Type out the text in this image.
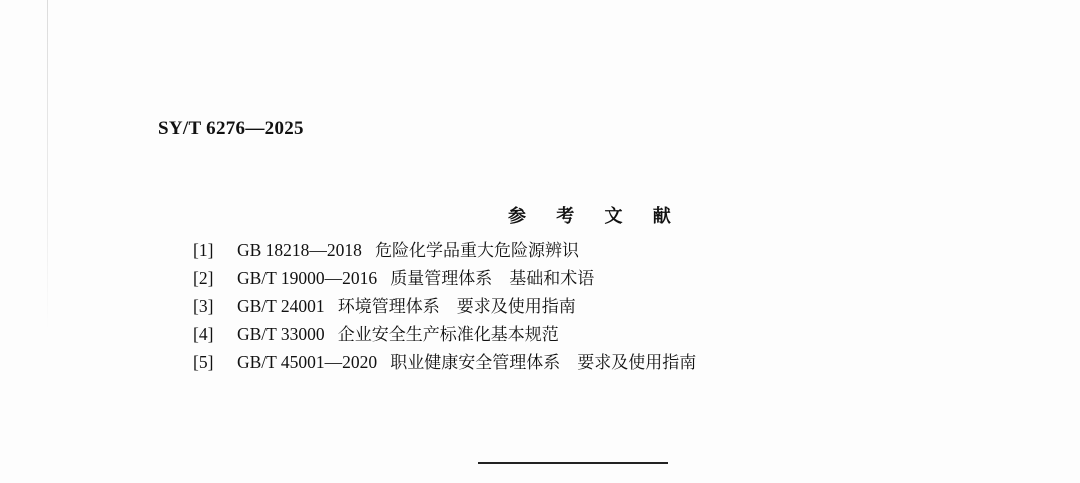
SY/T 6276—2025
参 考 文 献
[1] GB 18218—2018 危险化学品重大危险源辨识
[2] GB/T 19000—2016 质量管理体系　基础和术语
[3] GB/T 24001 环境管理体系　要求及使用指南
[4] GB/T 33000 企业安全生产标准化基本规范
[5] GB/T 45001—2020 职业健康安全管理体系　要求及使用指南
